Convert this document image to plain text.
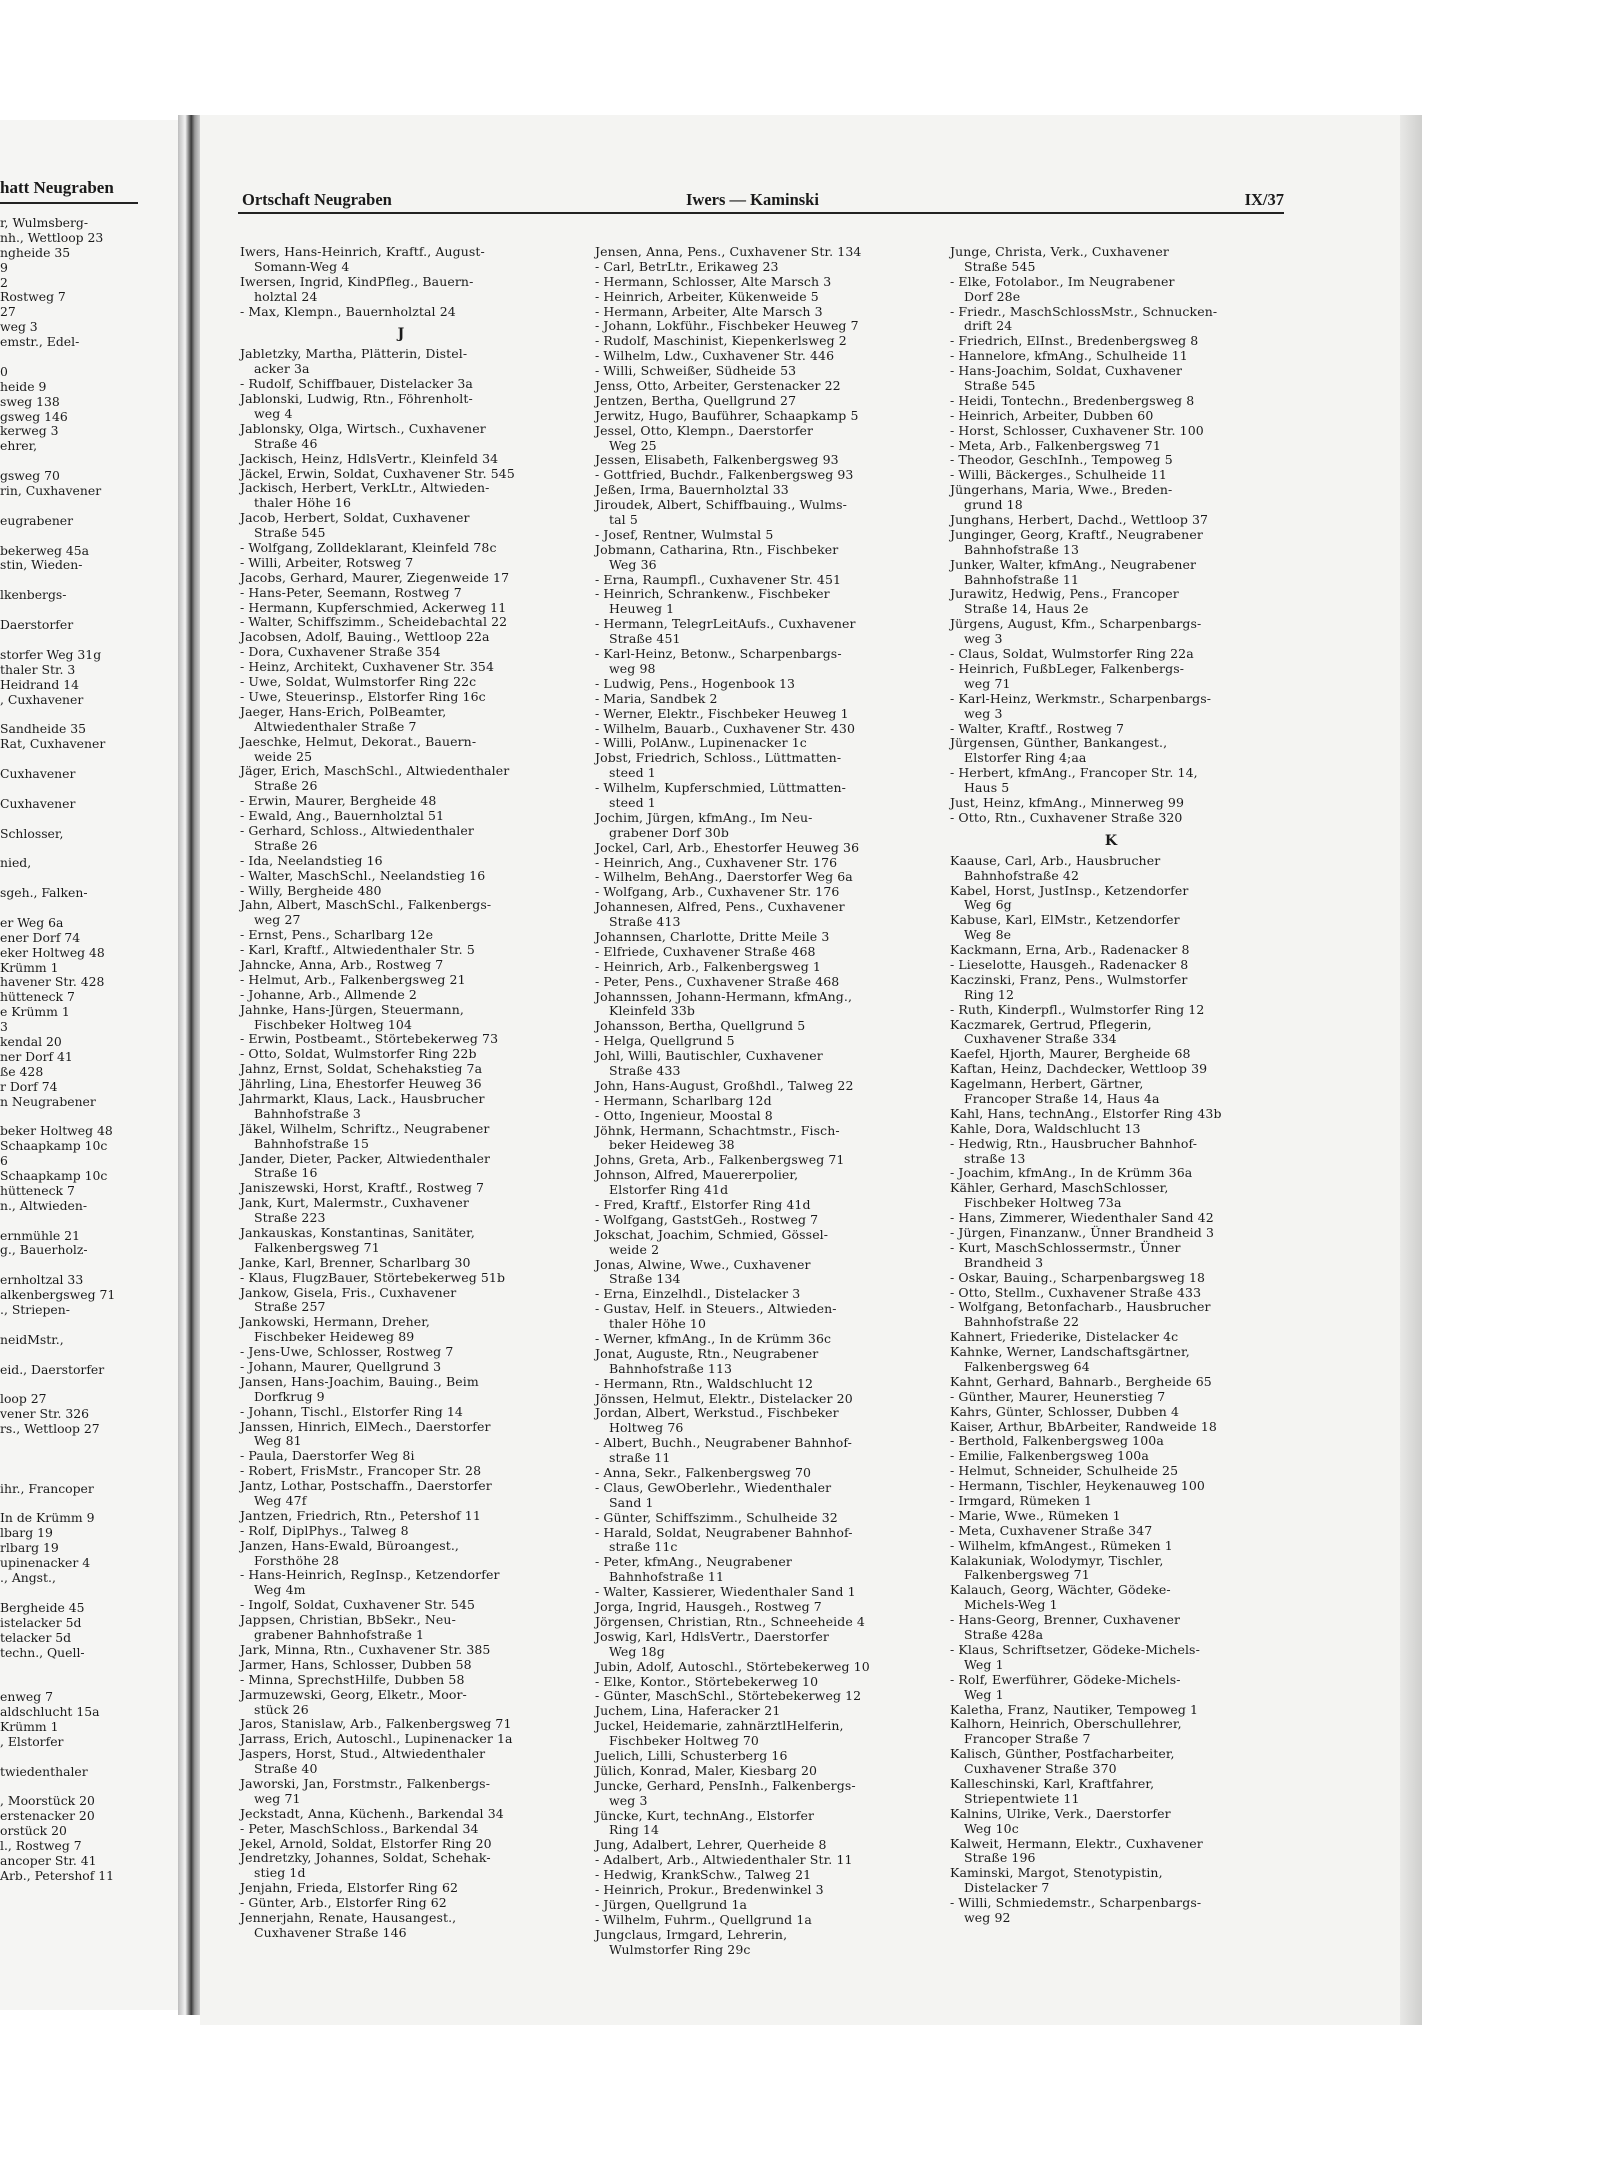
hatt Neugraben
r, Wulmsberg-
nh., Wettloop 23
ngheide 35
9
2
Rostweg 7
27
weg 3
emstr., Edel-
0
heide 9
sweg 138
gsweg 146
kerweg 3
ehrer,
gsweg 70
rin, Cuxhavener
eugrabener
bekerweg 45a
stin, Wieden-
lkenbergs-
Daerstorfer
storfer Weg 31g
thaler Str. 3
Heidrand 14
, Cuxhavener
Sandheide 35
Rat, Cuxhavener
Cuxhavener
Cuxhavener
Schlosser,
nied,
sgeh., Falken-
er Weg 6a
ener Dorf 74
eker Holtweg 48
Krümm 1
havener Str. 428
hütteneck 7
e Krümm 1
3
kendal 20
ner Dorf 41
ße 428
r Dorf 74
n Neugrabener
beker Holtweg 48
Schaapkamp 10c
6
Schaapkamp 10c
hütteneck 7
n., Altwieden-
ernmühle 21
g., Bauerholz-
ernholtzal 33
alkenbergsweg 71
., Striepen-
neidMstr.,
eid., Daerstorfer
loop 27
vener Str. 326
rs., Wettloop 27
ihr., Francoper
In de Krümm 9
lbarg 19
rlbarg 19
upinenacker 4
., Angst.,
Bergheide 45
istelacker 5d
telacker 5d
techn., Quell-
enweg 7
aldschlucht 15a
Krümm 1
, Elstorfer
twiedenthaler
, Moorstück 20
erstenacker 20
orstück 20
l., Rostweg 7
ancoper Str. 41
Arb., Petershof 11
Ortschaft Neugraben	Iwers — Kaminski	IX/37
Iwers, Hans-Heinrich, Kraftf., August-
Somann-Weg 4
Iwersen, Ingrid, KindPfleg., Bauern-
holztal 24
- Max, Klempn., Bauernholztal 24
J
Jabletzky, Martha, Plätterin, Distel-
acker 3a
- Rudolf, Schiffbauer, Distelacker 3a
Jablonski, Ludwig, Rtn., Föhrenholt-
weg 4
Jablonsky, Olga, Wirtsch., Cuxhavener
Straße 46
Jackisch, Heinz, HdlsVertr., Kleinfeld 34
Jäckel, Erwin, Soldat, Cuxhavener Str. 545
Jackisch, Herbert, VerkLtr., Altwieden-
thaler Höhe 16
Jacob, Herbert, Soldat, Cuxhavener
Straße 545
- Wolfgang, Zolldeklarant, Kleinfeld 78c
- Willi, Arbeiter, Rotsweg 7
Jacobs, Gerhard, Maurer, Ziegenweide 17
- Hans-Peter, Seemann, Rostweg 7
- Hermann, Kupferschmied, Ackerweg 11
- Walter, Schiffszimm., Scheidebachtal 22
Jacobsen, Adolf, Bauing., Wettloop 22a
- Dora, Cuxhavener Straße 354
- Heinz, Architekt, Cuxhavener Str. 354
- Uwe, Soldat, Wulmstorfer Ring 22c
- Uwe, Steuerinsp., Elstorfer Ring 16c
Jaeger, Hans-Erich, PolBeamter,
Altwiedenthaler Straße 7
Jaeschke, Helmut, Dekorat., Bauern-
weide 25
Jäger, Erich, MaschSchl., Altwiedenthaler
Straße 26
- Erwin, Maurer, Bergheide 48
- Ewald, Ang., Bauernholztal 51
- Gerhard, Schloss., Altwiedenthaler
Straße 26
- Ida, Neelandstieg 16
- Walter, MaschSchl., Neelandstieg 16
- Willy, Bergheide 480
Jahn, Albert, MaschSchl., Falkenbergs-
weg 27
- Ernst, Pens., Scharlbarg 12e
- Karl, Kraftf., Altwiedenthaler Str. 5
Jahncke, Anna, Arb., Rostweg 7
- Helmut, Arb., Falkenbergsweg 21
- Johanne, Arb., Allmende 2
Jahnke, Hans-Jürgen, Steuermann,
Fischbeker Holtweg 104
- Erwin, Postbeamt., Störtebekerweg 73
- Otto, Soldat, Wulmstorfer Ring 22b
Jahnz, Ernst, Soldat, Schehakstieg 7a
Jährling, Lina, Ehestorfer Heuweg 36
Jahrmarkt, Klaus, Lack., Hausbrucher
Bahnhofstraße 3
Jäkel, Wilhelm, Schriftz., Neugrabener
Bahnhofstraße 15
Jander, Dieter, Packer, Altwiedenthaler
Straße 16
Janiszewski, Horst, Kraftf., Rostweg 7
Jank, Kurt, Malermstr., Cuxhavener
Straße 223
Jankauskas, Konstantinas, Sanitäter,
Falkenbergsweg 71
Janke, Karl, Brenner, Scharlbarg 30
- Klaus, FlugzBauer, Störtebekerweg 51b
Jankow, Gisela, Fris., Cuxhavener
Straße 257
Jankowski, Hermann, Dreher,
Fischbeker Heideweg 89
- Jens-Uwe, Schlosser, Rostweg 7
- Johann, Maurer, Quellgrund 3
Jansen, Hans-Joachim, Bauing., Beim
Dorfkrug 9
- Johann, Tischl., Elstorfer Ring 14
Janssen, Hinrich, ElMech., Daerstorfer
Weg 81
- Paula, Daerstorfer Weg 8i
- Robert, FrisMstr., Francoper Str. 28
Jantz, Lothar, Postschaffn., Daerstorfer
Weg 47f
Jantzen, Friedrich, Rtn., Petershof 11
- Rolf, DiplPhys., Talweg 8
Janzen, Hans-Ewald, Büroangest.,
Forsthöhe 28
- Hans-Heinrich, RegInsp., Ketzendorfer
Weg 4m
- Ingolf, Soldat, Cuxhavener Str. 545
Jappsen, Christian, BbSekr., Neu-
grabener Bahnhofstraße 1
Jark, Minna, Rtn., Cuxhavener Str. 385
Jarmer, Hans, Schlosser, Dubben 58
- Minna, SprechstHilfe, Dubben 58
Jarmuzewski, Georg, Elketr., Moor-
stück 26
Jaros, Stanislaw, Arb., Falkenbergsweg 71
Jarrass, Erich, Autoschl., Lupinenacker 1a
Jaspers, Horst, Stud., Altwiedenthaler
Straße 40
Jaworski, Jan, Forstmstr., Falkenbergs-
weg 71
Jeckstadt, Anna, Küchenh., Barkendal 34
- Peter, MaschSchloss., Barkendal 34
Jekel, Arnold, Soldat, Elstorfer Ring 20
Jendretzky, Johannes, Soldat, Schehak-
stieg 1d
Jenjahn, Frieda, Elstorfer Ring 62
- Günter, Arb., Elstorfer Ring 62
Jennerjahn, Renate, Hausangest.,
Cuxhavener Straße 146
Jensen, Anna, Pens., Cuxhavener Str. 134
- Carl, BetrLtr., Erikaweg 23
- Hermann, Schlosser, Alte Marsch 3
- Heinrich, Arbeiter, Kükenweide 5
- Hermann, Arbeiter, Alte Marsch 3
- Johann, Lokführ., Fischbeker Heuweg 7
- Rudolf, Maschinist, Kiepenkerlsweg 2
- Wilhelm, Ldw., Cuxhavener Str. 446
- Willi, Schweißer, Südheide 53
Jenss, Otto, Arbeiter, Gerstenacker 22
Jentzen, Bertha, Quellgrund 27
Jerwitz, Hugo, Bauführer, Schaapkamp 5
Jessel, Otto, Klempn., Daerstorfer
Weg 25
Jessen, Elisabeth, Falkenbergsweg 93
- Gottfried, Buchdr., Falkenbergsweg 93
Jeßen, Irma, Bauernholztal 33
Jiroudek, Albert, Schiffbauing., Wulms-
tal 5
- Josef, Rentner, Wulmstal 5
Jobmann, Catharina, Rtn., Fischbeker
Weg 36
- Erna, Raumpfl., Cuxhavener Str. 451
- Heinrich, Schrankenw., Fischbeker
Heuweg 1
- Hermann, TelegrLeitAufs., Cuxhavener
Straße 451
- Karl-Heinz, Betonw., Scharpenbargs-
weg 98
- Ludwig, Pens., Hogenbook 13
- Maria, Sandbek 2
- Werner, Elektr., Fischbeker Heuweg 1
- Wilhelm, Bauarb., Cuxhavener Str. 430
- Willi, PolAnw., Lupinenacker 1c
Jobst, Friedrich, Schloss., Lüttmatten-
steed 1
- Wilhelm, Kupferschmied, Lüttmatten-
steed 1
Jochim, Jürgen, kfmAng., Im Neu-
grabener Dorf 30b
Jockel, Carl, Arb., Ehestorfer Heuweg 36
- Heinrich, Ang., Cuxhavener Str. 176
- Wilhelm, BehAng., Daerstorfer Weg 6a
- Wolfgang, Arb., Cuxhavener Str. 176
Johannesen, Alfred, Pens., Cuxhavener
Straße 413
Johannsen, Charlotte, Dritte Meile 3
- Elfriede, Cuxhavener Straße 468
- Heinrich, Arb., Falkenbergsweg 1
- Peter, Pens., Cuxhavener Straße 468
Johannssen, Johann-Hermann, kfmAng.,
Kleinfeld 33b
Johansson, Bertha, Quellgrund 5
- Helga, Quellgrund 5
Johl, Willi, Bautischler, Cuxhavener
Straße 433
John, Hans-August, Großhdl., Talweg 22
- Hermann, Scharlbarg 12d
- Otto, Ingenieur, Moostal 8
Jöhnk, Hermann, Schachtmstr., Fisch-
beker Heideweg 38
Johns, Greta, Arb., Falkenbergsweg 71
Johnson, Alfred, Mauererpolier,
Elstorfer Ring 41d
- Fred, Kraftf., Elstorfer Ring 41d
- Wolfgang, GaststGeh., Rostweg 7
Jokschat, Joachim, Schmied, Gössel-
weide 2
Jonas, Alwine, Wwe., Cuxhavener
Straße 134
- Erna, Einzelhdl., Distelacker 3
- Gustav, Helf. in Steuers., Altwieden-
thaler Höhe 10
- Werner, kfmAng., In de Krümm 36c
Jonat, Auguste, Rtn., Neugrabener
Bahnhofstraße 113
- Hermann, Rtn., Waldschlucht 12
Jönssen, Helmut, Elektr., Distelacker 20
Jordan, Albert, Werkstud., Fischbeker
Holtweg 76
- Albert, Buchh., Neugrabener Bahnhof-
straße 11
- Anna, Sekr., Falkenbergsweg 70
- Claus, GewOberlehr., Wiedenthaler
Sand 1
- Günter, Schiffszimm., Schulheide 32
- Harald, Soldat, Neugrabener Bahnhof-
straße 11c
- Peter, kfmAng., Neugrabener
Bahnhofstraße 11
- Walter, Kassierer, Wiedenthaler Sand 1
Jorga, Ingrid, Hausgeh., Rostweg 7
Jörgensen, Christian, Rtn., Schneeheide 4
Joswig, Karl, HdlsVertr., Daerstorfer
Weg 18g
Jubin, Adolf, Autoschl., Störtebekerweg 10
- Elke, Kontor., Störtebekerweg 10
- Günter, MaschSchl., Störtebekerweg 12
Juchem, Lina, Haferacker 21
Juckel, Heidemarie, zahnärztlHelferin,
Fischbeker Holtweg 70
Juelich, Lilli, Schusterberg 16
Jülich, Konrad, Maler, Kiesbarg 20
Juncke, Gerhard, PensInh., Falkenbergs-
weg 3
Jüncke, Kurt, technAng., Elstorfer
Ring 14
Jung, Adalbert, Lehrer, Querheide 8
- Adalbert, Arb., Altwiedenthaler Str. 11
- Hedwig, KrankSchw., Talweg 21
- Heinrich, Prokur., Bredenwinkel 3
- Jürgen, Quellgrund 1a
- Wilhelm, Fuhrm., Quellgrund 1a
Jungclaus, Irmgard, Lehrerin,
Wulmstorfer Ring 29c
Junge, Christa, Verk., Cuxhavener
Straße 545
- Elke, Fotolabor., Im Neugrabener
Dorf 28e
- Friedr., MaschSchlossMstr., Schnucken-
drift 24
- Friedrich, ElInst., Bredenbergsweg 8
- Hannelore, kfmAng., Schulheide 11
- Hans-Joachim, Soldat, Cuxhavener
Straße 545
- Heidi, Tontechn., Bredenbergsweg 8
- Heinrich, Arbeiter, Dubben 60
- Horst, Schlosser, Cuxhavener Str. 100
- Meta, Arb., Falkenbergsweg 71
- Theodor, GeschInh., Tempoweg 5
- Willi, Bäckerges., Schulheide 11
Jüngerhans, Maria, Wwe., Breden-
grund 18
Junghans, Herbert, Dachd., Wettloop 37
Junginger, Georg, Kraftf., Neugrabener
Bahnhofstraße 13
Junker, Walter, kfmAng., Neugrabener
Bahnhofstraße 11
Jurawitz, Hedwig, Pens., Francoper
Straße 14, Haus 2e
Jürgens, August, Kfm., Scharpenbargs-
weg 3
- Claus, Soldat, Wulmstorfer Ring 22a
- Heinrich, FußbLeger, Falkenbergs-
weg 71
- Karl-Heinz, Werkmstr., Scharpenbargs-
weg 3
- Walter, Kraftf., Rostweg 7
Jürgensen, Günther, Bankangest.,
Elstorfer Ring 4;aa
- Herbert, kfmAng., Francoper Str. 14,
Haus 5
Just, Heinz, kfmAng., Minnerweg 99
- Otto, Rtn., Cuxhavener Straße 320
K
Kaause, Carl, Arb., Hausbrucher
Bahnhofstraße 42
Kabel, Horst, JustInsp., Ketzendorfer
Weg 6g
Kabuse, Karl, ElMstr., Ketzendorfer
Weg 8e
Kackmann, Erna, Arb., Radenacker 8
- Lieselotte, Hausgeh., Radenacker 8
Kaczinski, Franz, Pens., Wulmstorfer
Ring 12
- Ruth, Kinderpfl., Wulmstorfer Ring 12
Kaczmarek, Gertrud, Pflegerin,
Cuxhavener Straße 334
Kaefel, Hjorth, Maurer, Bergheide 68
Kaftan, Heinz, Dachdecker, Wettloop 39
Kagelmann, Herbert, Gärtner,
Francoper Straße 14, Haus 4a
Kahl, Hans, technAng., Elstorfer Ring 43b
Kahle, Dora, Waldschlucht 13
- Hedwig, Rtn., Hausbrucher Bahnhof-
straße 13
- Joachim, kfmAng., In de Krümm 36a
Kähler, Gerhard, MaschSchlosser,
Fischbeker Holtweg 73a
- Hans, Zimmerer, Wiedenthaler Sand 42
- Jürgen, Finanzanw., Ünner Brandheid 3
- Kurt, MaschSchlossermstr., Ünner
Brandheid 3
- Oskar, Bauing., Scharpenbargsweg 18
- Otto, Stellm., Cuxhavener Straße 433
- Wolfgang, Betonfacharb., Hausbrucher
Bahnhofstraße 22
Kahnert, Friederike, Distelacker 4c
Kahnke, Werner, Landschaftsgärtner,
Falkenbergsweg 64
Kahnt, Gerhard, Bahnarb., Bergheide 65
- Günther, Maurer, Heunerstieg 7
Kahrs, Günter, Schlosser, Dubben 4
Kaiser, Arthur, BbArbeiter, Randweide 18
- Berthold, Falkenbergsweg 100a
- Emilie, Falkenbergsweg 100a
- Helmut, Schneider, Schulheide 25
- Hermann, Tischler, Heykenauweg 100
- Irmgard, Rümeken 1
- Marie, Wwe., Rümeken 1
- Meta, Cuxhavener Straße 347
- Wilhelm, kfmAngest., Rümeken 1
Kalakuniak, Wolodymyr, Tischler,
Falkenbergsweg 71
Kalauch, Georg, Wächter, Gödeke-
Michels-Weg 1
- Hans-Georg, Brenner, Cuxhavener
Straße 428a
- Klaus, Schriftsetzer, Gödeke-Michels-
Weg 1
- Rolf, Ewerführer, Gödeke-Michels-
Weg 1
Kaletha, Franz, Nautiker, Tempoweg 1
Kalhorn, Heinrich, Oberschullehrer,
Francoper Straße 7
Kalisch, Günther, Postfacharbeiter,
Cuxhavener Straße 370
Kalleschinski, Karl, Kraftfahrer,
Striepentwiete 11
Kalnins, Ulrike, Verk., Daerstorfer
Weg 10c
Kalweit, Hermann, Elektr., Cuxhavener
Straße 196
Kaminski, Margot, Stenotypistin,
Distelacker 7
- Willi, Schmiedemstr., Scharpenbargs-
weg 92
